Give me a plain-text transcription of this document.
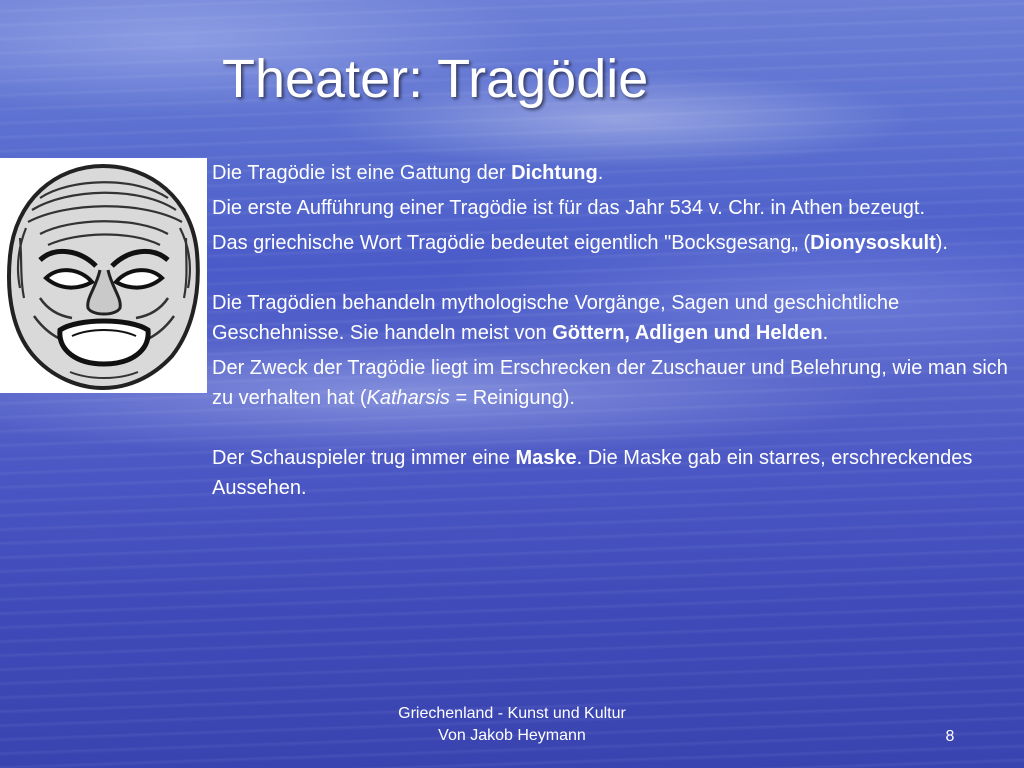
Theater: Tragödie

Die Tragödie ist eine Gattung der Dichtung.

Die erste Aufführung einer Tragödie ist für das Jahr 534 v. Chr. in Athen bezeugt.

Das griechische Wort Tragödie bedeutet eigentlich "Bocksgesang„ (Dionysoskult).

Die Tragödien behandeln mythologische Vorgänge, Sagen und geschichtliche Geschehnisse. Sie handeln meist von Göttern, Adligen und Helden.

Der Zweck der Tragödie liegt im Erschrecken der Zuschauer und Belehrung, wie man sich zu verhalten hat (Katharsis = Reinigung).

Der Schauspieler trug immer eine Maske. Die Maske gab ein starres, erschreckendes Aussehen.

Griechenland - Kunst und Kultur
Von Jakob Heymann	8
